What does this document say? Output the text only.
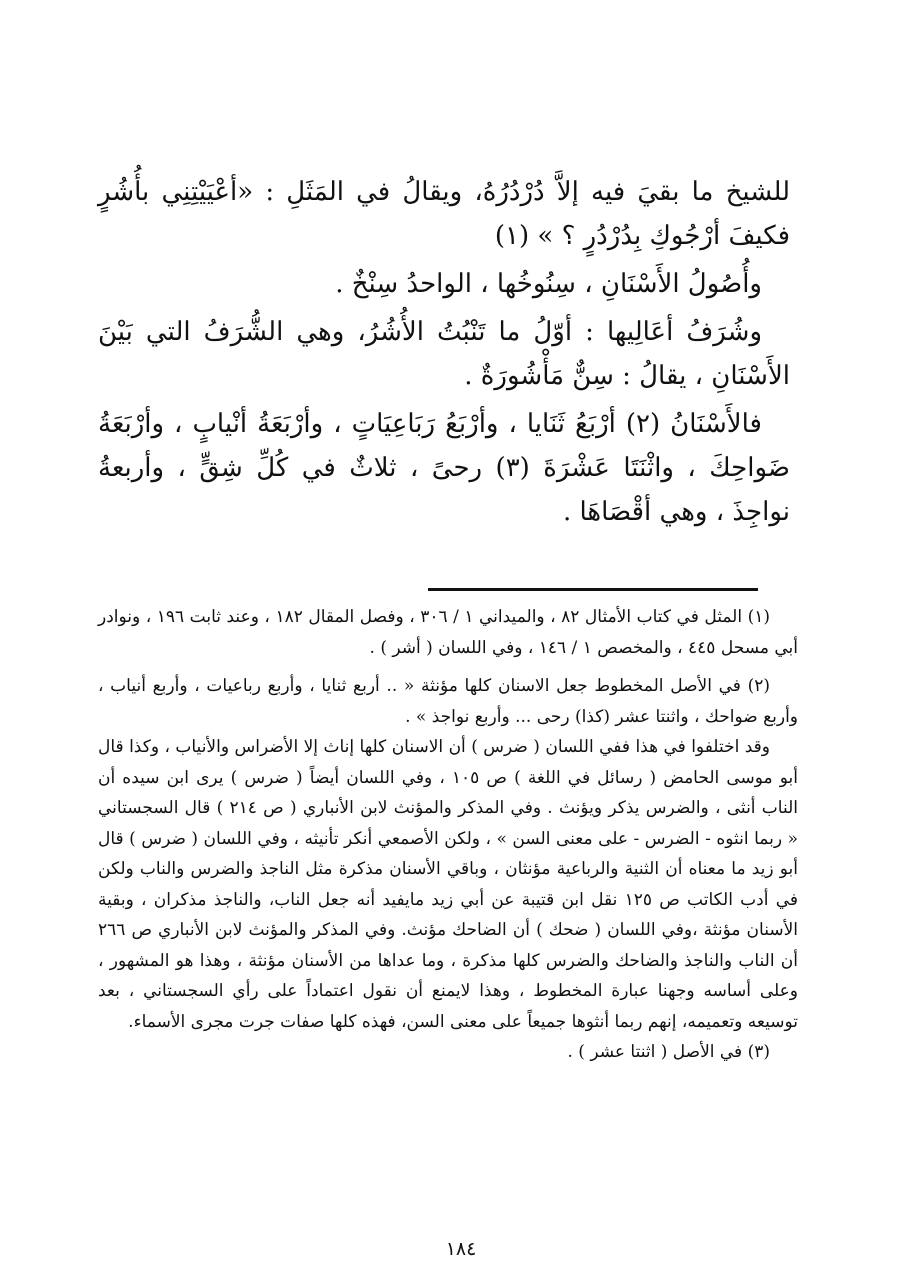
للشيخ ما بقيَ فيه إلاَّ دُرْدُرُهُ، ويقالُ في المَثَلِ : «أعْيَيْتِنِي بأُشُرٍ فكيفَ أرْجُوكِ بِدُرْدُرٍ ؟ » (١)

وأُصُولُ الأَسْنَانِ ، سِنُوخُها ، الواحدُ سِنْخٌ .

وشُرَفُ أعَالِيها : أوّلُ ما تَنْبُتُ الأُشُرُ، وهي الشُّرَفُ التي بَيْنَ الأَسْنَانِ ، يقالُ : سِنٌّ مَأْشُورَةٌ .

فالأَسْنَانُ (٢) أرْبَعُ ثَنَايا ، وأرْبَعُ رَبَاعِيَاتٍ ، وأرْبَعَةُ أنْيابٍ ، وأرْبَعَةُ ضَواحِكَ ، واثْنَتَا عَشْرَةَ (٣) رحىً ، ثلاثٌ في كُلِّ شِقٍّ ، وأربعةُ نواجِذَ ، وهي أقْصَاهَا .

(١) المثل في كتاب الأمثال ٨٢ ، والميداني ١ / ٣٠٦ ، وفصل المقال ١٨٢ ، وعند ثابت ١٩٦ ، ونوادر أبي مسحل ٤٤٥ ، والمخصص ١ / ١٤٦ ، وفي اللسان ( أشر ) .

(٢) في الأصل المخطوط جعل الاسنان كلها مؤنثة « .. أربع ثنايا ، وأربع رباعيات ، وأربع أنياب ، وأربع ضواحك ، واثنتا عشر (كذا) رحى ... وأربع نواجذ » .

وقد اختلفوا في هذا ففي اللسان ( ضرس ) أن الاسنان كلها إناث إلا الأضراس والأنياب ، وكذا قال أبو موسى الحامض ( رسائل في اللغة ) ص ١٠٥ ، وفي اللسان أيضاً ( ضرس ) يرى ابن سيده أن الناب أنثى ، والضرس يذكر ويؤنث . وفي المذكر والمؤنث لابن الأنباري ( ص ٢١٤ ) قال السجستاني « ربما انثوه - الضرس - على معنى السن » ، ولكن الأصمعي أنكر تأنيثه ، وفي اللسان ( ضرس ) قال أبو زيد ما معناه أن الثنية والرباعية مؤنثان ، وباقي الأسنان مذكرة مثل الناجذ والضرس والناب ولكن في أدب الكاتب ص ١٢٥ نقل ابن قتيبة عن أبي زيد مايفيد أنه جعل الناب، والناجذ مذكران ، وبقية الأسنان مؤنثة ،وفي اللسان ( ضحك ) أن الضاحك مؤنث. وفي المذكر والمؤنث لابن الأنباري ص ٢٦٦ أن الناب والناجذ والضاحك والضرس كلها مذكرة ، وما عداها من الأسنان مؤنثة ، وهذا هو المشهور ، وعلى أساسه وجهنا عبارة المخطوط ، وهذا لايمنع أن نقول اعتماداً على رأي السجستاني ، بعد توسيعه وتعميمه، إنهم ربما أنثوها جميعاً على معنى السن، فهذه كلها صفات جرت مجرى الأسماء.

(٣) في الأصل ( اثنتا عشر ) .

١٨٤
